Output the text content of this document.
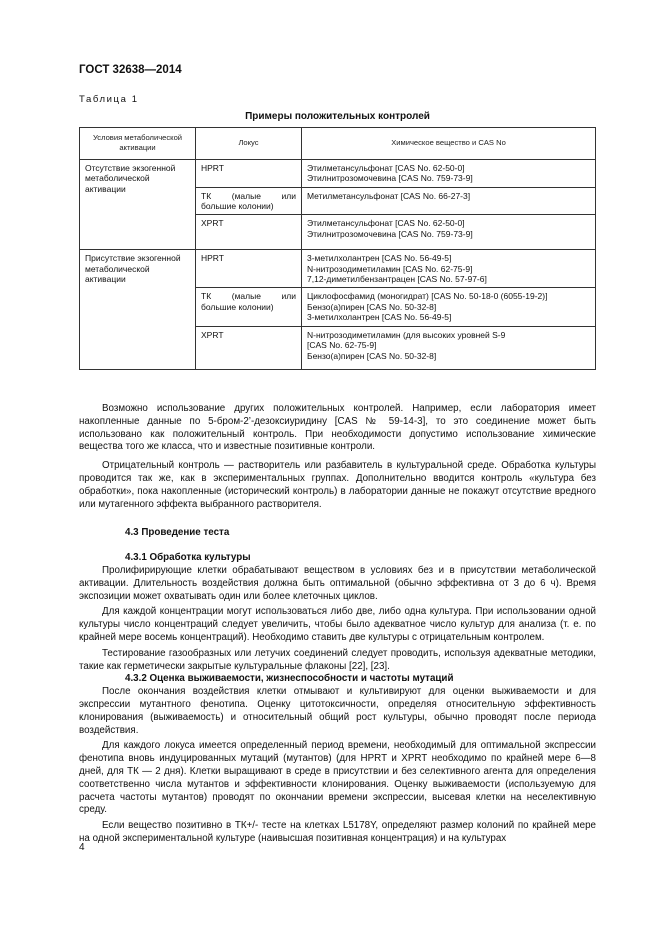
ГОСТ 32638—2014
Таблица 1
Примеры положительных контролей
Условия метаболической активации	Локус	Химическое вещество и CAS No
Отсутствие экзогенной метаболической активации	HPRT	Этилметансульфонат [CAS No. 62-50-0]
Этилнитрозомочевина [CAS No. 759-73-9]

	ТК (малые или
большие колонии)	Метилметансульфонат [CAS No. 66-27-3]

	XPRT	Этилметансульфонат [CAS No. 62-50-0]
Этилнитрозомочевина [CAS No. 759-73-9]

Присутствие экзогенной метаболической активации	HPRT	3-метилхолантрен [CAS No. 56-49-5]
N-нитрозодиметиламин [CAS No. 62-75-9]
7,12-диметилбензантрацен [CAS No. 57-97-6]

	ТК (малые или
большие колонии)	Циклофосфамид (моногидрат) [CAS No. 50-18-0 (6055-19-2)]
Бензо(а)пирен [CAS No. 50-32-8]
3-метилхолантрен [CAS No. 56-49-5]

	XPRT	N-нитрозодиметиламин (для высоких уровней S-9
[CAS No. 62-75-9]
Бензо(а)пирен [CAS No. 50-32-8]

Возможно использование других положительных контролей. Например, если лаборатория имеет накопленные данные по 5-бром-2’-дезоксиуридину [CAS № 59-14-3], то это соединение может быть использовано как положительный контроль. При необходимости допустимо использование химические вещества того же класса, что и известные позитивные контроли.

Отрицательный контроль — растворитель или разбавитель в культуральной среде. Обработка культуры проводится так же, как в экспериментальных группах. Дополнительно вводится контроль «культура без обработки», пока накопленные (исторический контроль) в лаборатории данные не покажут отсутствие вредного или мутагенного эффекта выбранного растворителя.

4.3 Проведение теста

4.3.1 Обработка культуры

Пролифирирующие клетки обрабатывают веществом в условиях без и в присутствии метаболической активации. Длительность воздействия должна быть оптимальной (обычно эффективна от 3 до 6 ч). Время экспозиции может охватывать один или более клеточных циклов.

Для каждой концентрации могут использоваться либо две, либо одна культура. При использовании одной культуры число концентраций следует увеличить, чтобы было адекватное число культур для анализа (т. е. по крайней мере восемь концентраций). Необходимо ставить две культуры с отрицательным контролем.

Тестирование газообразных или летучих соединений следует проводить, используя адекватные методики, такие как герметически закрытые культуральные флаконы [22], [23].

4.3.2 Оценка выживаемости, жизнеспособности и частоты мутаций

После окончания воздействия клетки отмывают и культивируют для оценки выживаемости и для экспрессии мутантного фенотипа. Оценку цитотоксичности, определяя относительную эффективность клонирования (выживаемость) и относительный общий рост культуры, обычно проводят после периода воздействия.

Для каждого локуса имеется определенный период времени, необходимый для оптимальной экспрессии фенотипа вновь индуцированных мутаций (мутантов) (для HPRT и XPRT необходимо по крайней мере 6—8 дней, для ТК — 2 дня). Клетки выращивают в среде в присутствии и без селективного агента для определения соответственно числа мутантов и эффективности клонирования. Оценку выживаемости (используемую для расчета частоты мутантов) проводят по окончании времени экспрессии, высевая клетки на неселективную среду.

Если вещество позитивно в ТК+/- тесте на клетках L5178Y, определяют размер колоний по крайней мере на одной экспериментальной культуре (наивысшая позитивная концентрация) и на культурах

4
